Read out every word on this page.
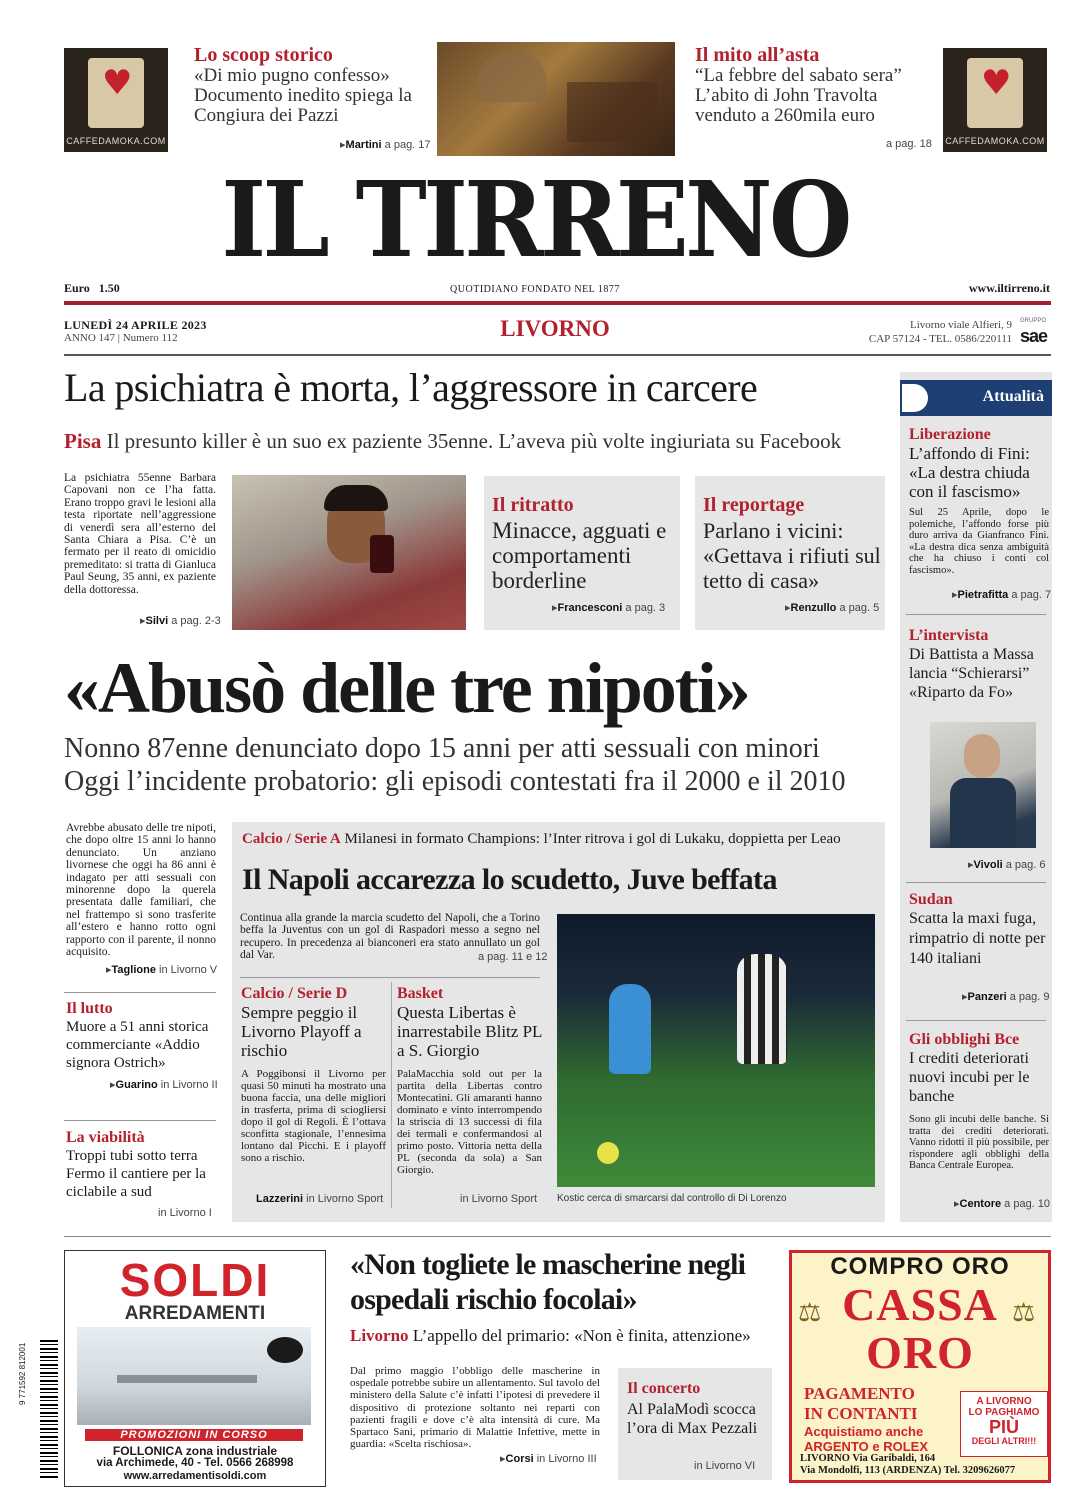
♥
CAFFEDAMOKA.COM
Lo scoop storico
«Di mio pugno confesso» Documento inedito spiega la Congiura dei Pazzi
▸Martini a pag. 17
Il mito all’asta
“La febbre del sabato sera” L’abito di John Travolta venduto a 260mila euro
a pag. 18
♥
CAFFEDAMOKA.COM
IL TIRRENO
Euro 1.50	QUOTIDIANO FONDATO NEL 1877	www.iltirreno.it
LUNEDÌ 24 APRILE 2023
ANNO 147 | Numero 112	LIVORNO	Livorno viale Alfieri, 9
CAP 57124 - TEL. 0586/220111
GRUPPO
sae
La psichiatra è morta, l’aggressore in carcere
Pisa Il presunto killer è un suo ex paziente 35enne. L’aveva più volte ingiuriata su Facebook
La psichiatra 55enne Barbara Capovani non ce l’ha fatta. Erano troppo gravi le lesioni alla testa riportate nell’aggressione di venerdì sera all’esterno del Santa Chiara a Pisa. C’è un fermato per il reato di omicidio premeditato: si tratta di Gianluca Paul Seung, 35 anni, ex paziente della dottoressa.
▸Silvi a pag. 2-3
Il ritratto
Minacce, agguati e comportamenti borderline
▸Francesconi a pag. 3
Il reportage
Parlano i vicini: «Gettava i rifiuti sul tetto di casa»
▸Renzullo a pag. 5
«Abusò delle tre nipoti»
Nonno 87enne denunciato dopo 15 anni per atti sessuali con minori
Oggi l’incidente probatorio: gli episodi contestati fra il 2000 e il 2010
Avrebbe abusato delle tre nipoti, che dopo oltre 15 anni lo hanno denunciato. Un anziano livornese che oggi ha 86 anni è indagato per atti sessuali con minorenne dopo la querela presentata dalle familiari, che nel frattempo si sono trasferite all’estero e hanno rotto ogni rapporto con il parente, il nonno acquisito.
▸Taglione in Livorno V
Il lutto
Muore a 51 anni storica commerciante «Addio signora Ostrich»
▸Guarino in Livorno II
La viabilità
Troppi tubi sotto terra Fermo il cantiere per la ciclabile a sud
in Livorno I
Calcio / Serie A Milanesi in formato Champions: l’Inter ritrova i gol di Lukaku, doppietta per Leao
Il Napoli accarezza lo scudetto, Juve beffata
Continua alla grande la marcia scudetto del Napoli, che a Torino beffa la Juventus con un gol di Raspadori messo a segno nel recupero. In precedenza ai bianconeri era stato annullato un gol dal Var.	a pag. 11 e 12
Kostic cerca di smarcarsi dal controllo di Di Lorenzo
Calcio / Serie D
Sempre peggio il Livorno Playoff a rischio
A Poggibonsi il Livorno per quasi 50 minuti ha mostrato una buona faccia, una delle migliori in trasferta, prima di sciogliersi dopo il gol di Regoli. È l’ottava sconfitta stagionale, l’ennesima lontano dal Picchi. E i playoff sono a rischio.
Lazzerini in Livorno Sport
Basket
Questa Libertas è inarrestabile Blitz PL a S. Giorgio
PalaMacchia sold out per la partita della Libertas contro Montecatini. Gli amaranti hanno dominato e vinto interrompendo la striscia di 13 successi di fila dei termali e confermandosi al primo posto. Vittoria netta della PL (seconda da sola) a San Giorgio.
in Livorno Sport
Attualità
Liberazione
L’affondo di Fini: «La destra chiuda con il fascismo»
Sul 25 Aprile, dopo le polemiche, l’affondo forse più duro arriva da Gianfranco Fini. «La destra dica senza ambiguità che ha chiuso i conti col fascismo».
▸Pietrafitta a pag. 7
L’intervista
Di Battista a Massa lancia “Schierarsi” «Riparto da Fo»
▸Vivoli a pag. 6
Sudan
Scatta la maxi fuga, rimpatrio di notte per 140 italiani
▸Panzeri a pag. 9
Gli obblighi Bce
I crediti deteriorati nuovi incubi per le banche
Sono gli incubi delle banche. Si tratta dei crediti deteriorati. Vanno ridotti il più possibile, per rispondere agli obblighi della Banca Centrale Europea.
▸Centore a pag. 10
SOLDI
ARREDAMENTI
PROMOZIONI IN CORSO
FOLLONICA zona industriale
via Archimede, 40 - Tel. 0566 268998
www.arredamentisoldi.com
9 771592 812001
«Non togliete le mascherine negli ospedali rischio focolai»
Livorno L’appello del primario: «Non è finita, attenzione»
Dal primo maggio l’obbligo delle mascherine in ospedale potrebbe subire un allentamento. Sul tavolo del ministero della Salute c’è infatti l’ipotesi di prevedere il dispositivo di protezione soltanto nei reparti con pazienti fragili e dove c’è alta intensità di cure. Ma Spartaco Sani, primario di Malattie Infettive, mette in guardia: «Scelta rischiosa».
▸Corsi in Livorno III
Il concerto
Al PalaModì scocca l’ora di Max Pezzali
in Livorno VI
COMPRO ORO
⚖	⚖
CASSA
ORO
PAGAMENTO
IN CONTANTI
Acquistiamo anche
ARGENTO e ROLEX
A LIVORNO
LO PAGHIAMO
PIÙ
DEGLI ALTRI!!!
LIVORNO Via Garibaldi, 164
Via Mondolfi, 113 (ARDENZA) Tel. 3209626077
